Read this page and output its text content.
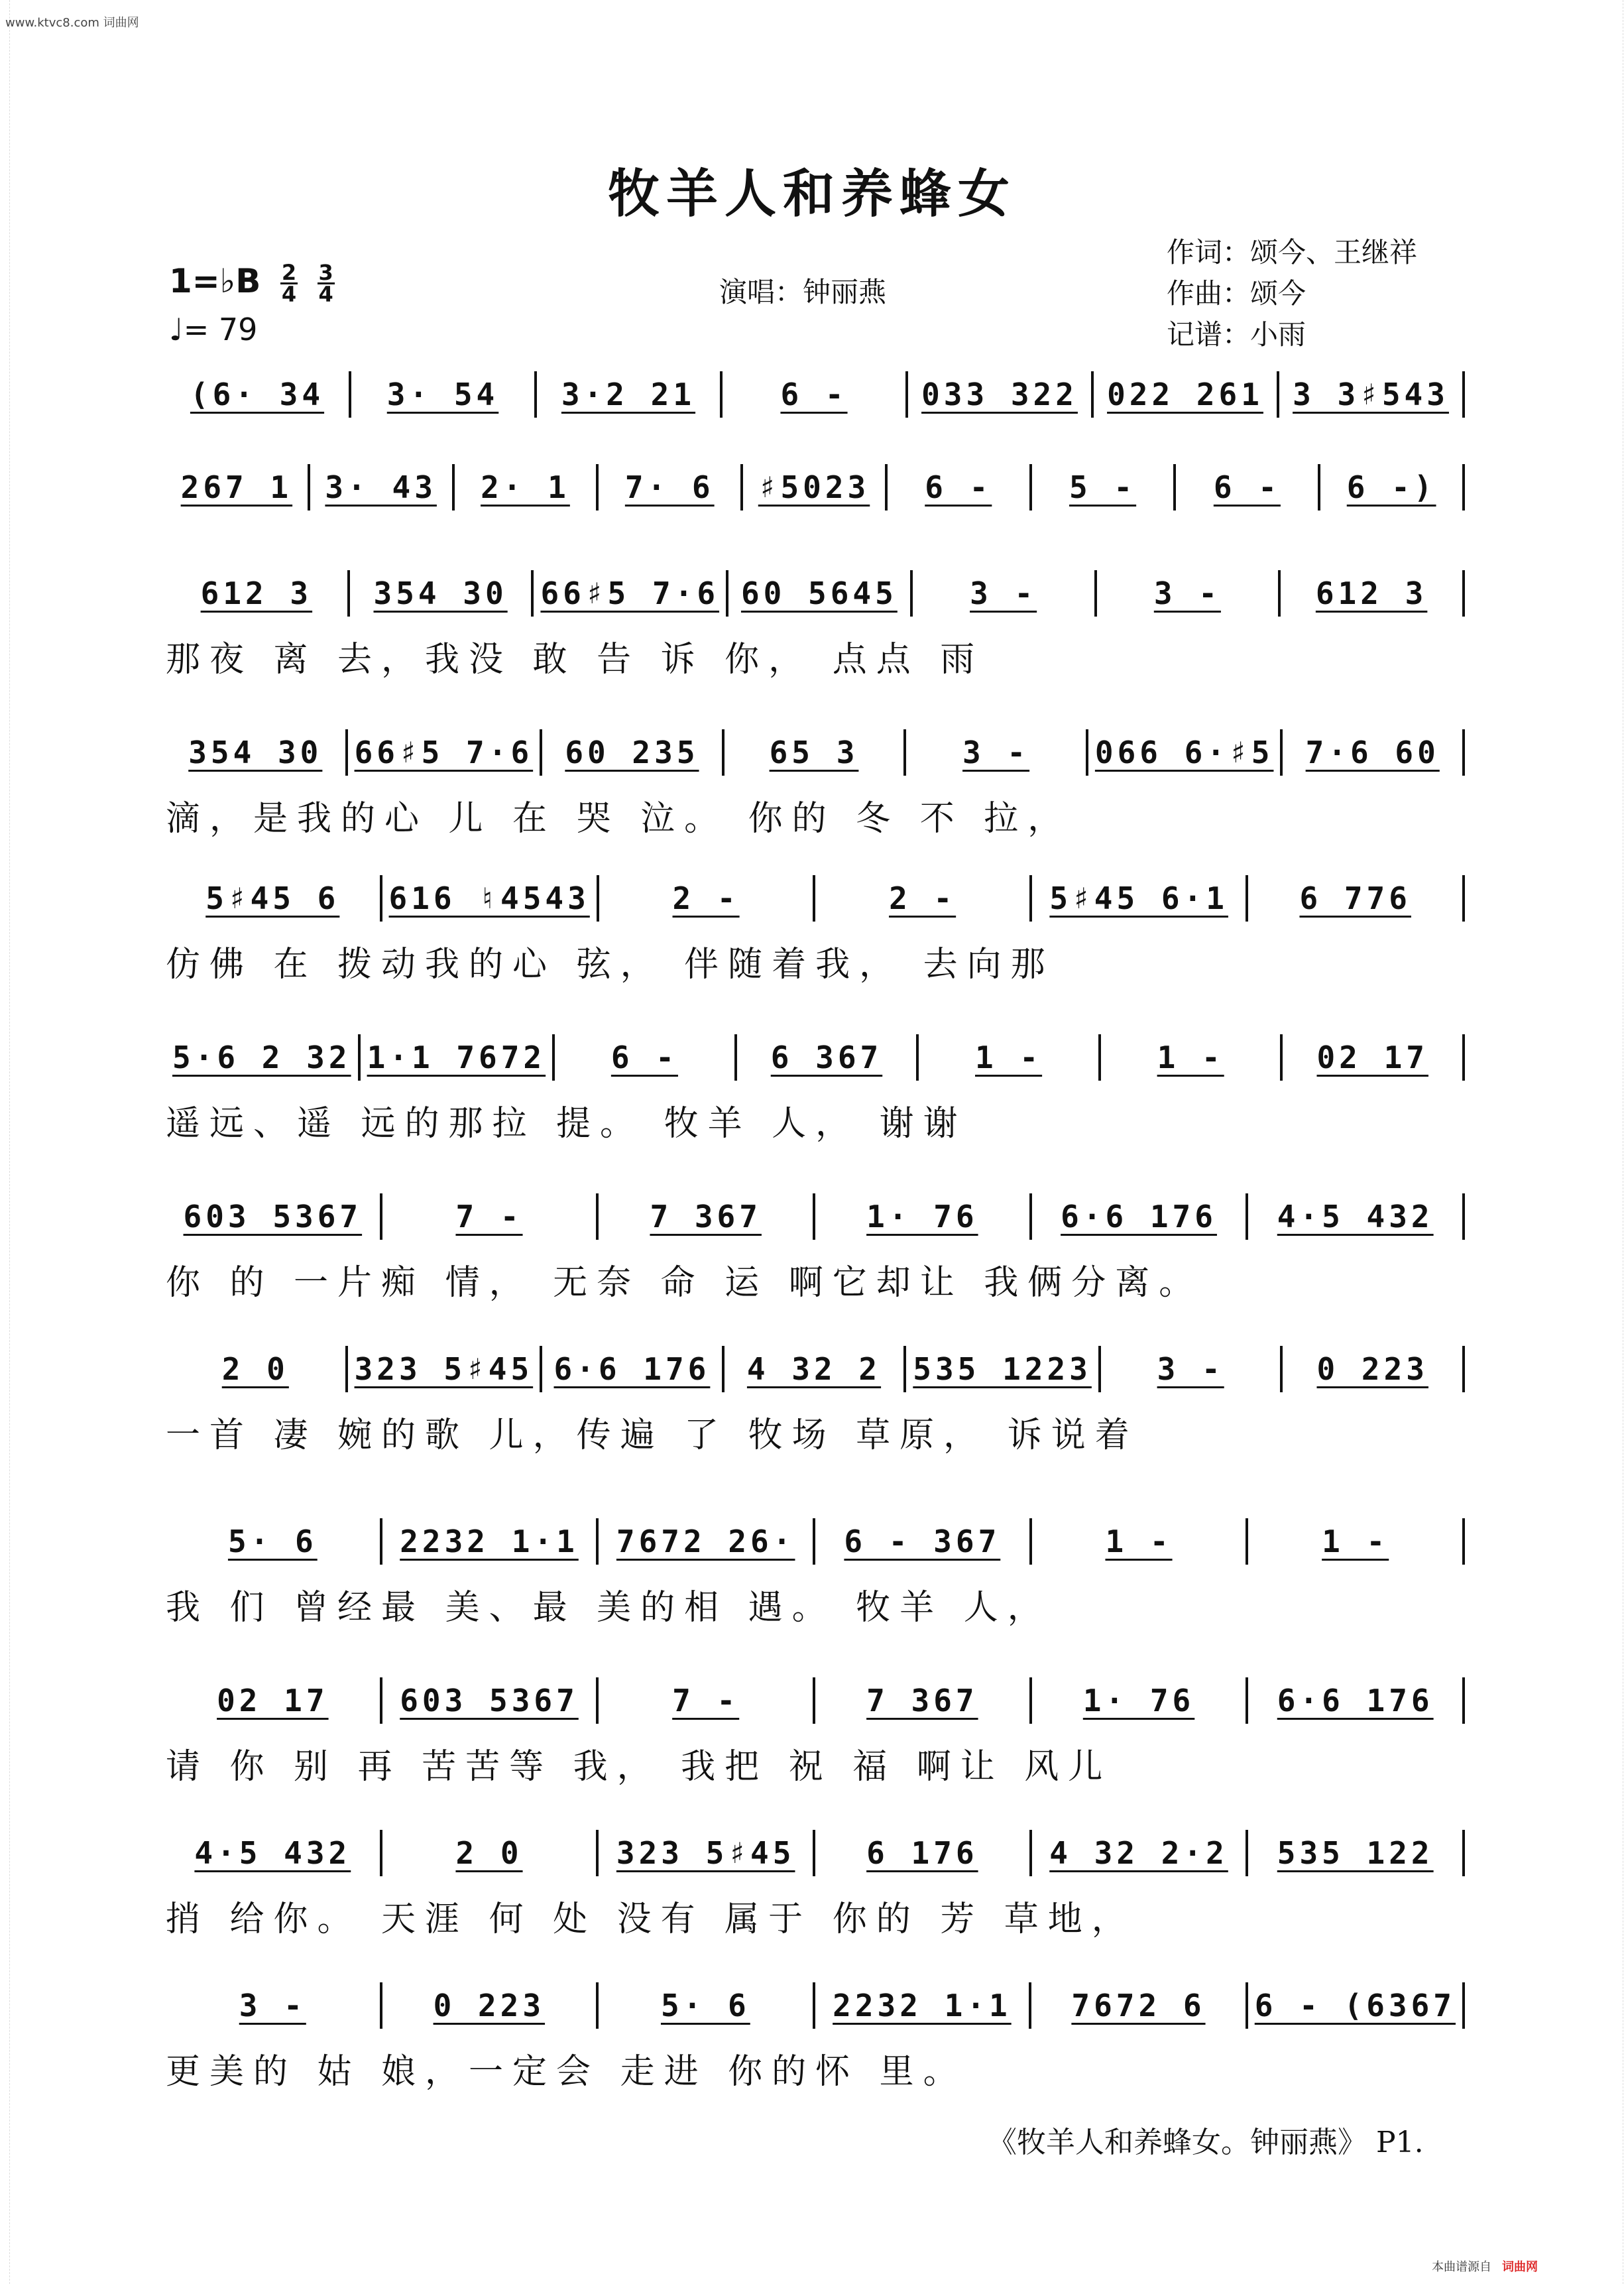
www.ktvc8.com 词曲网
牧羊人和养蜂女
1=♭B $\frac{2}{4}$
$\frac{3}{4}$
♩= 79
演唱：钟丽燕
作词：颂今、王继祥
作曲：颂今
记谱：小雨
(6· 34 3· 54 3·2 21	6 - 033 322 022 261 3 3♯543
267 1 3· 43 2· 1 7· 6 ♯5023 6 -	5 -	6 - 6 -)
612 3 354 30 66♯5 7·6 60 5645 3 -	3 -	612 3
那夜 离 去，我没 敢 告 诉 你， 点点 雨
354 30 66♯5 7·6 60 235 65 3	3 - 066 6·♯5 7·6 60
滴，是我的心 儿 在 哭 泣。 你的 冬 不 拉，
5♯45 6 616 ♮4543	2 -	2 -	5♯45 6·1 6 776
仿佛 在 拨动我的心 弦， 伴随着我， 去向那
5·6 2 32 1·1 7672 6 -	6 367	1 -	1 -	02 17
遥远、遥 远的那拉 提。 牧羊 人， 谢谢
603 5367	7 -	7 367	1· 76	6·6 176 4·5 432
你 的 一片痴 情， 无奈 命 运 啊它却让 我俩分离。
2 0 323 5♯45 6·6 176 4 32 2 535 1223 3 -	0 223
一首 凄 婉的歌 儿，传遍 了 牧场 草原， 诉说着
5· 6	2232 1·1 7672 26· 6 - 367	1 -	1 -
我 们 曾经最 美、最 美的相 遇。 牧羊 人，
02 17 603 5367	7 -	7 367	1· 76	6·6 176
请 你 别 再 苦苦等 我， 我把 祝 福 啊让 风儿
4·5 432	2 0	323 5♯45 6 176 4 32 2·2 535 122
捎 给你。 天涯 何 处 没有 属于 你的 芳 草地，
3 -	0 223	5· 6	2232 1·1 7672 6 6 - (6367
更美的 姑 娘，一定会 走进 你的怀 里。
《牧羊人和养蜂女。钟丽燕》 P1.
本曲谱源自 词曲网
